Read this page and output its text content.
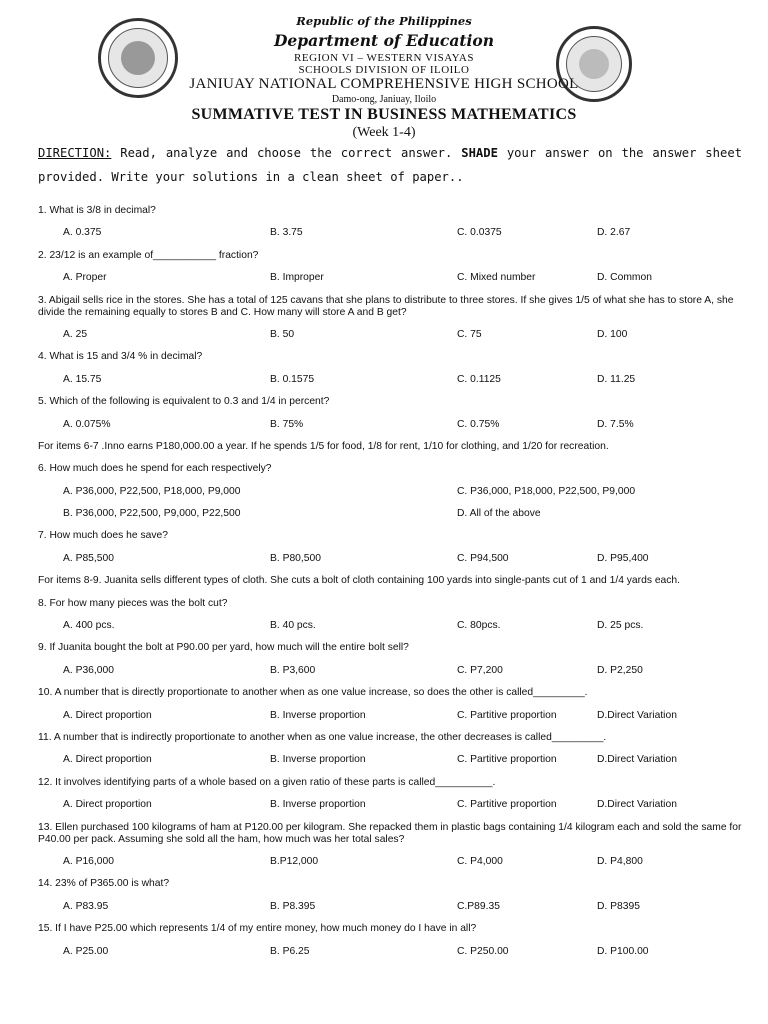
Republic of the Philippines
Department of Education
REGION VI – WESTERN VISAYAS
SCHOOLS DIVISION OF ILOILO
JANIUAY NATIONAL COMPREHENSIVE HIGH SCHOOL
Damo-ong, Janiuay, Iloilo
SUMMATIVE TEST IN BUSINESS MATHEMATICS
(Week 1-4)
DIRECTION: Read, analyze and choose the correct answer. SHADE your answer on the answer sheet provided. Write your solutions in a clean sheet of paper..
1. What is 3/8 in decimal?
A. 0.375	B. 3.75	C. 0.0375	D. 2.67
2. 23/12 is an example of___________ fraction?
A. Proper	B. Improper	C. Mixed number	D. Common
3. Abigail sells rice in the stores. She has a total of 125 cavans that she plans to distribute to three stores. If she gives 1/5 of what she has to store A, she divide the remaining equally to stores B and C. How many will store A and B get?
A. 25	B. 50	C. 75	D. 100
4. What is 15 and 3/4 % in decimal?
A. 15.75	B. 0.1575	C. 0.1125	D. 11.25
5. Which of the following is equivalent to 0.3 and 1/4 in percent?
A. 0.075%	B. 75%	C. 0.75%	D. 7.5%
For items 6-7 .Inno earns P180,000.00 a year. If he spends 1/5 for food, 1/8 for rent, 1/10 for clothing, and 1/20 for recreation.
6. How much does he spend for each respectively?
A. P36,000, P22,500, P18,000, P9,000	C. P36,000, P18,000, P22,500, P9,000
B. P36,000, P22,500, P9,000, P22,500	D. All of the above
7. How much does he save?
A. P85,500	B. P80,500	C. P94,500	D. P95,400
For items 8-9. Juanita sells different types of cloth. She cuts a bolt of cloth containing 100 yards into single-pants cut of 1 and 1/4 yards each.
8. For how many pieces was the bolt cut?
A. 400 pcs.	B. 40 pcs.	C. 80pcs.	D. 25 pcs.
9. If Juanita bought the bolt at P90.00 per yard, how much will the entire bolt sell?
A. P36,000	B. P3,600	C. P7,200	D. P2,250
10. A number that is directly proportionate to another when as one value increase, so does the other is called_________.
A. Direct proportion	B. Inverse proportion	C. Partitive proportion	D.Direct Variation
11. A number that is indirectly proportionate to another when as one value increase, the other decreases is called_________.
A. Direct proportion	B. Inverse proportion	C. Partitive proportion	D.Direct Variation
12. It involves identifying parts of a whole based on a given ratio of these parts is called__________.
A. Direct proportion	B. Inverse proportion	C. Partitive proportion	D.Direct Variation
13. Ellen purchased 100 kilograms of ham at P120.00 per kilogram. She repacked them in plastic bags containing 1/4 kilogram each and sold the same for P40.00 per pack. Assuming she sold all the ham, how much was her total sales?
A. P16,000	B.P12,000	C. P4,000	D. P4,800
14. 23% of P365.00 is what?
A. P83.95	B. P8.395	C.P89.35	D. P8395
15. If I have P25.00 which represents 1/4 of my entire money, how much money do I have in all?
A. P25.00	B. P6.25	C. P250.00	D. P100.00
